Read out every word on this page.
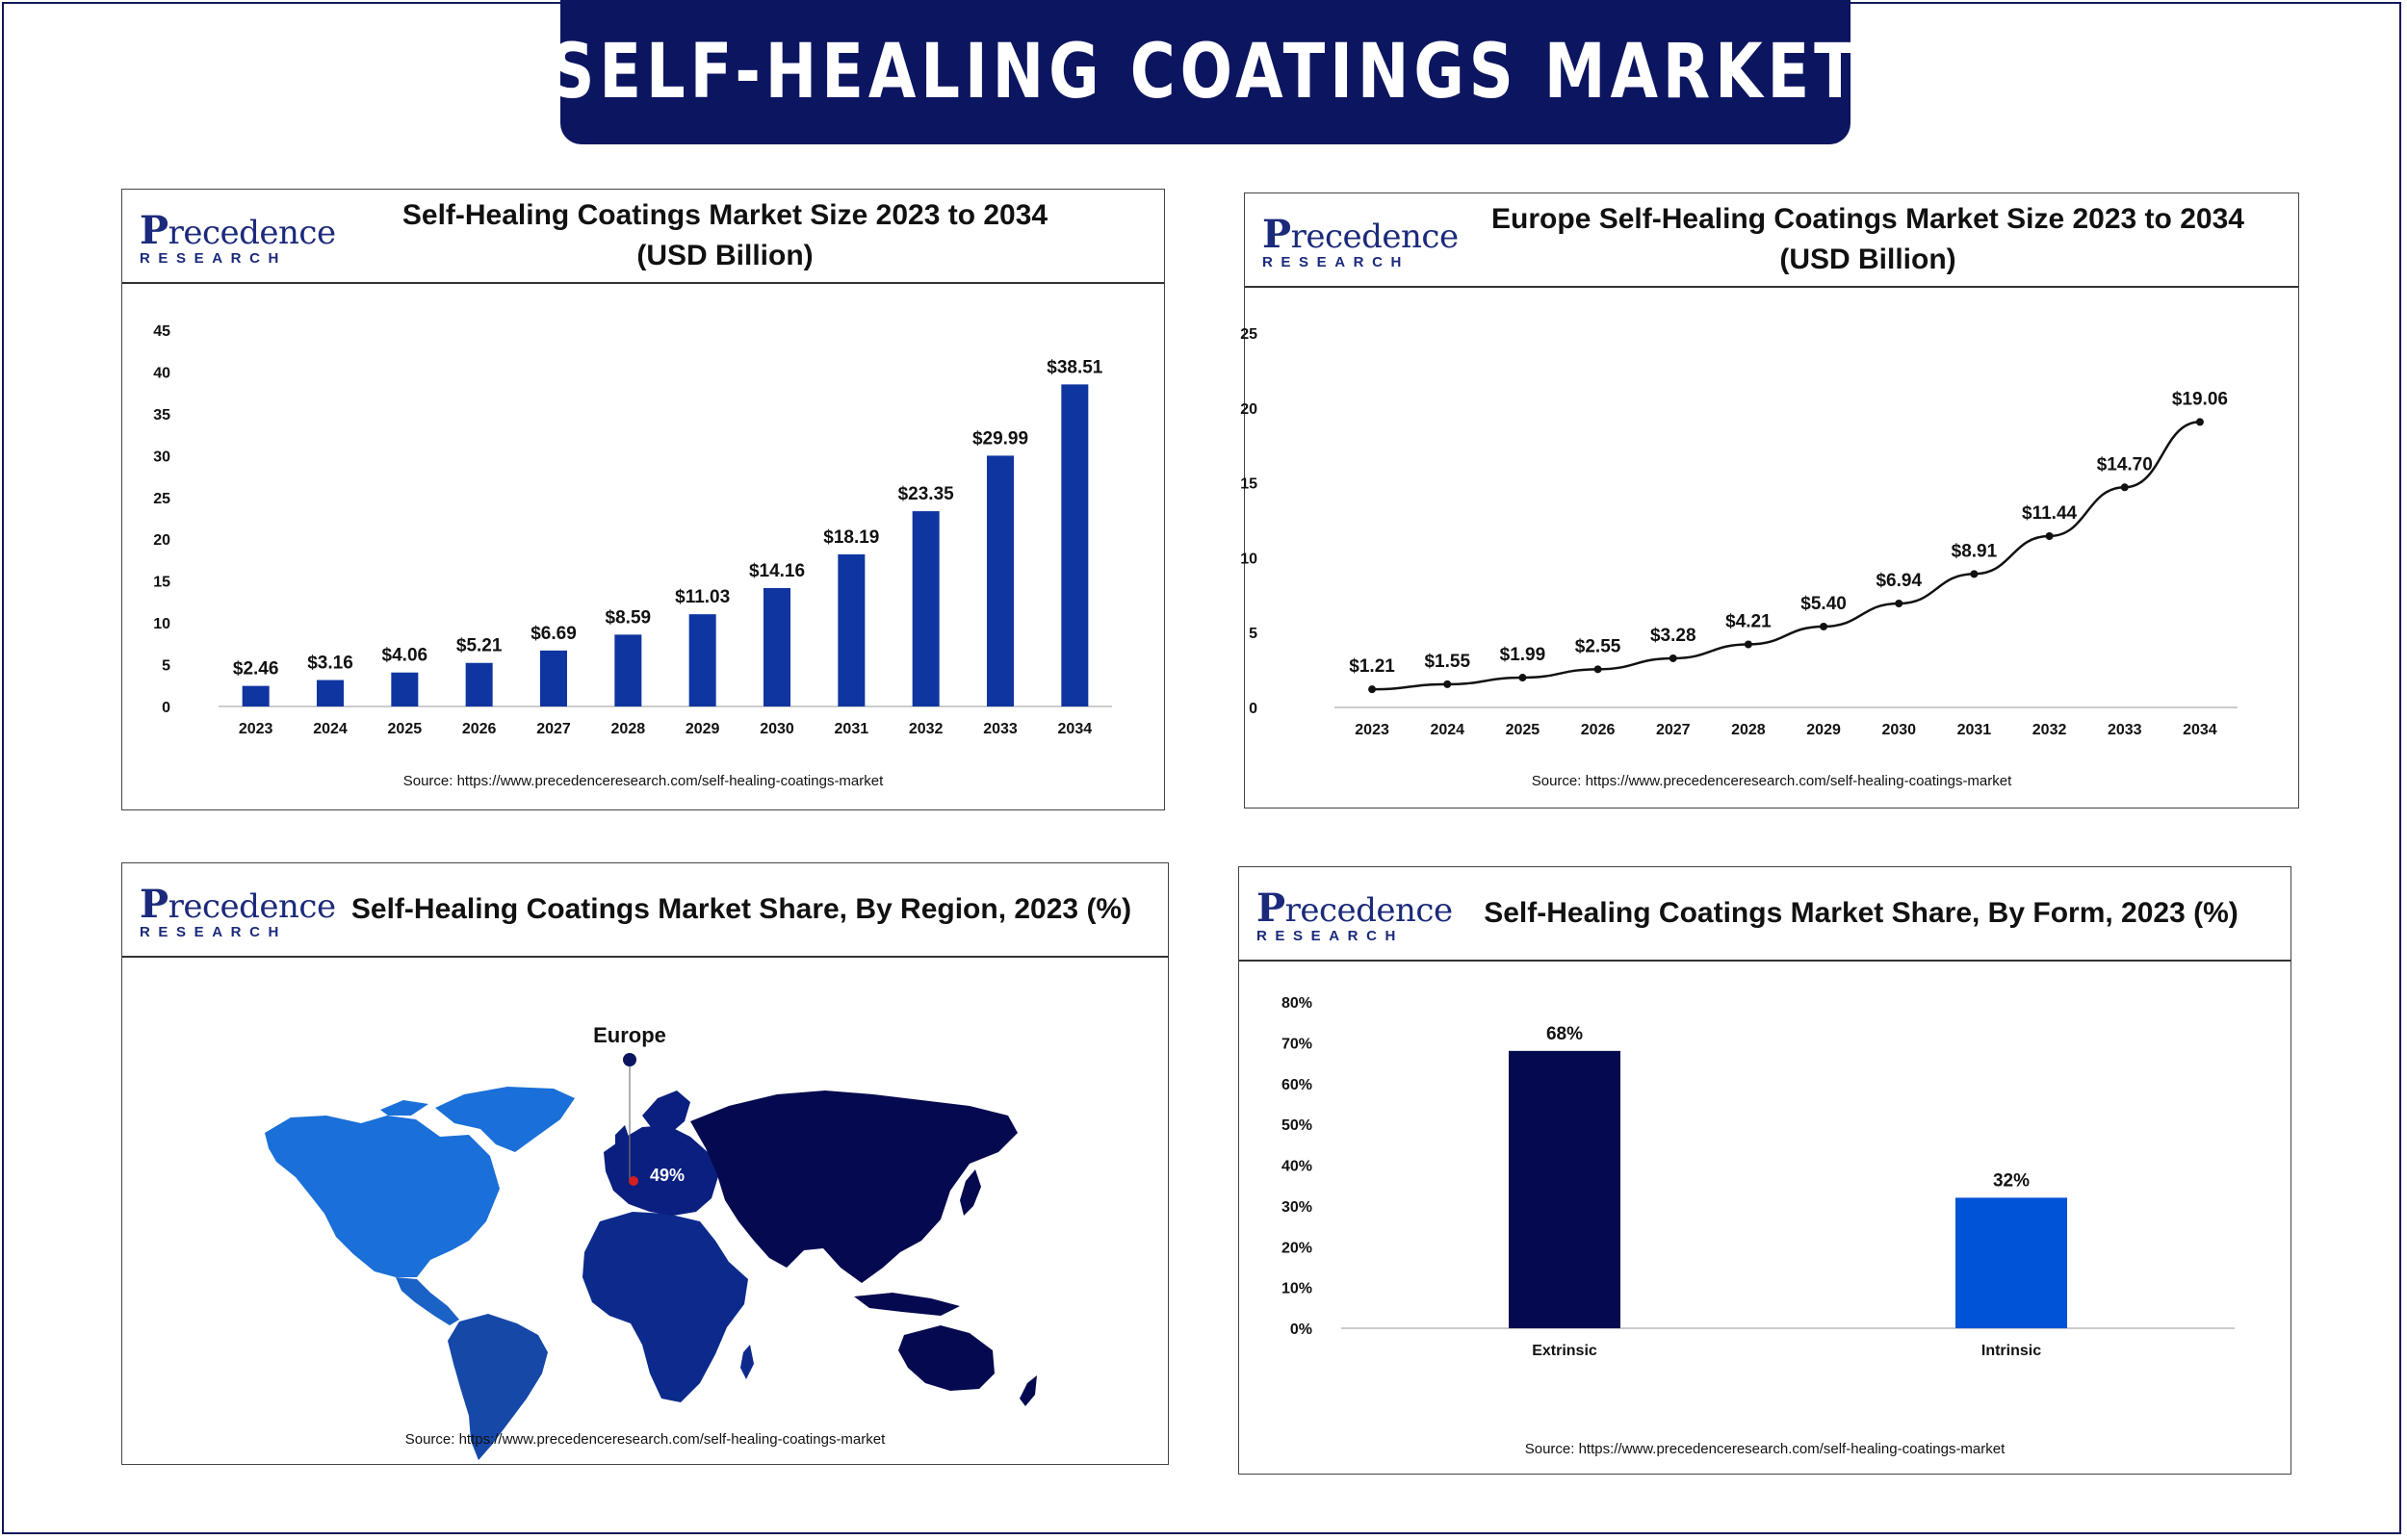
SELF-HEALING COATINGS MARKET
Precedence
RESEARCH
Self-Healing Coatings Market Size 2023 to 2034
(USD Billion)
0
5
10
15
20
25
30
35
40
45
$2.46
2023
$3.16
2024
$4.06
2025
$5.21
2026
$6.69
2027
$8.59
2028
$11.03
2029
$14.16
2030
$18.19
2031
$23.35
2032
$29.99
2033
$38.51
2034
Source: https://www.precedenceresearch.com/self-healing-coatings-market
Precedence
RESEARCH
Europe Self-Healing Coatings Market Size 2023 to 2034
(USD Billion)
0
5
10
15
20
25
$1.21
2023
$1.55
2024
$1.99
2025
$2.55
2026
$3.28
2027
$4.21
2028
$5.40
2029
$6.94
2030
$8.91
2031
$11.44
2032
$14.70
2033
$19.06
2034
Source: https://www.precedenceresearch.com/self-healing-coatings-market
Precedence
RESEARCH
Self-Healing Coatings Market Share, By Region, 2023 (%)
Europe
49%
Source: https://www.precedenceresearch.com/self-healing-coatings-market
Precedence
RESEARCH
Self-Healing Coatings Market Share, By Form, 2023 (%)
0%
10%
20%
30%
40%
50%
60%
70%
80%
68%
Extrinsic
32%
Intrinsic
Source: https://www.precedenceresearch.com/self-healing-coatings-market
